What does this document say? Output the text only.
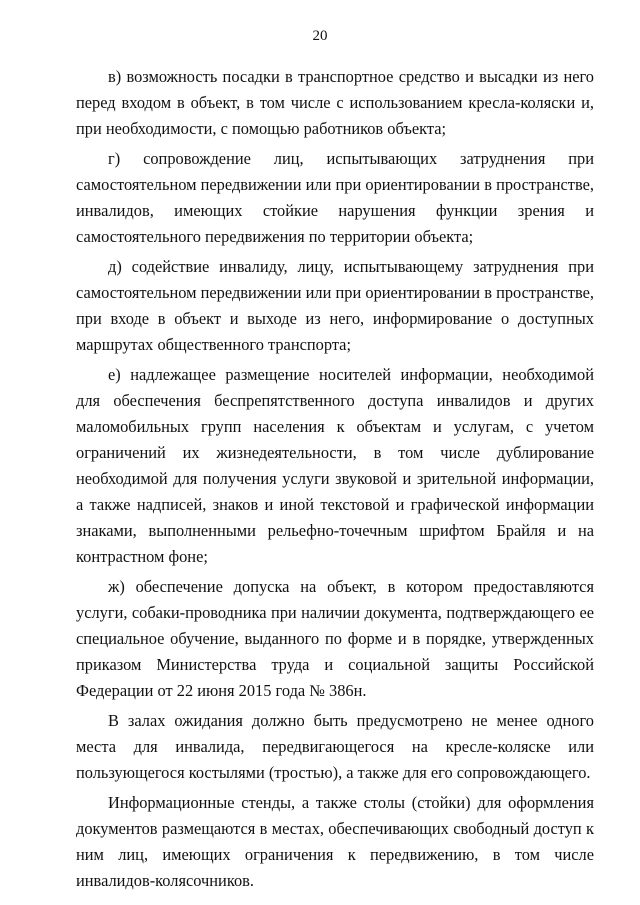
20

в) возможность посадки в транспортное средство и высадки из него перед входом в объект, в том числе с использованием кресла-коляски и, при необходимости, с помощью работников объекта;

г) сопровождение лиц, испытывающих затруднения при самостоятельном передвижении или при ориентировании в пространстве, инвалидов, имеющих стойкие нарушения функции зрения и самостоятельного передвижения по территории объекта;

д) содействие инвалиду, лицу, испытывающему затруднения при самостоятельном передвижении или при ориентировании в пространстве, при входе в объект и выходе из него, информирование о доступных маршрутах общественного транспорта;

е) надлежащее размещение носителей информации, необходимой для обеспечения беспрепятственного доступа инвалидов и других маломобильных групп населения к объектам и услугам, с учетом ограничений их жизнедеятельности, в том числе дублирование необходимой для получения услуги звуковой и зрительной информации, а также надписей, знаков и иной текстовой и графической информации знаками, выполненными рельефно-точечным шрифтом Брайля и на контрастном фоне;

ж) обеспечение допуска на объект, в котором предоставляются услуги, собаки-проводника при наличии документа, подтверждающего ее специальное обучение, выданного по форме и в порядке, утвержденных приказом Министерства труда и социальной защиты Российской Федерации от 22 июня 2015 года № 386н.

В залах ожидания должно быть предусмотрено не менее одного места для инвалида, передвигающегося на кресле-коляске или пользующегося костылями (тростью), а также для его сопровождающего.

Информационные стенды, а также столы (стойки) для оформления документов размещаются в местах, обеспечивающих свободный доступ к ним лиц, имеющих ограничения к передвижению, в том числе инвалидов-колясочников.
